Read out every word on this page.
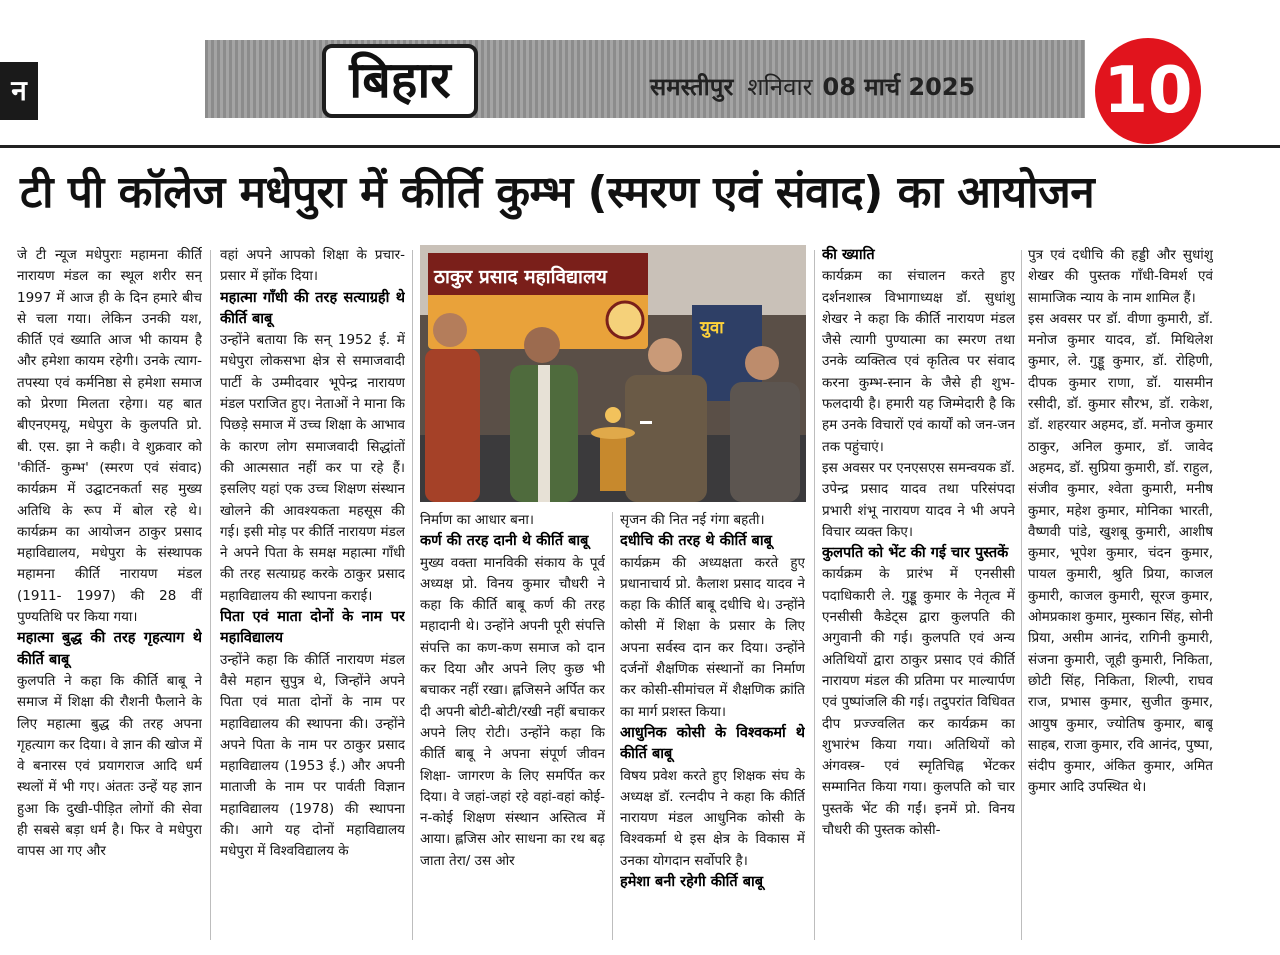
न	बिहार	समस्तीपुर शनिवार 08 मार्च 2025 10
टी पी कॉलेज मधेपुरा में कीर्ति कुम्भ (स्मरण एवं संवाद) का आयोजन
ठाकुर प्रसाद महाविद्यालय
युवा

जे टी न्यूज मधेपुराः महामना कीर्ति नारायण मंडल का स्थूल शरीर सन् 1997 में आज ही के दिन हमारे बीच से चला गया। लेकिन उनकी यश, कीर्ति एवं ख्याति आज भी कायम है और हमेशा कायम रहेगी। उनके त्याग-तपस्या एवं कर्मनिष्ठा से हमेशा समाज को प्रेरणा मिलता रहेगा। यह बात बीएनएमयू, मधेपुरा के कुलपति प्रो. बी. एस. झा ने कही। वे शुक्रवार को 'कीर्ति- कुम्भ' (स्मरण एवं संवाद) कार्यक्रम में उद्घाटनकर्ता सह मुख्य अतिथि के रूप में बोल रहे थे। कार्यक्रम का आयोजन ठाकुर प्रसाद महाविद्यालय, मधेपुरा के संस्थापक महामना कीर्ति नारायण मंडल (1911- 1997) की 28 वीं पुण्यतिथि पर किया गया।

महात्मा बुद्ध की तरह गृहत्याग थे कीर्ति बाबू

कुलपति ने कहा कि कीर्ति बाबू ने समाज में शिक्षा की रौशनी फैलाने के लिए महात्मा बुद्ध की तरह अपना गृहत्याग कर दिया। वे ज्ञान की खोज में वे बनारस एवं प्रयागराज आदि धर्म स्थलों में भी गए। अंततः उन्हें यह ज्ञान हुआ कि दुखी-पीड़ित लोगों की सेवा ही सबसे बड़ा धर्म है। फिर वे मधेपुरा वापस आ गए और

वहां अपने आपको शिक्षा के प्रचार-प्रसार में झोंक दिया।

महात्मा गाँधी की तरह सत्याग्रही थे कीर्ति बाबू

उन्होंने बताया कि सन् 1952 ई. में मधेपुरा लोकसभा क्षेत्र से समाजवादी पार्टी के उम्मीदवार भूपेन्द्र नारायण मंडल पराजित हुए। नेताओं ने माना कि पिछड़े समाज में उच्च शिक्षा के आभाव के कारण लोग समाजवादी सिद्धांतों की आत्मसात नहीं कर पा रहे हैं। इसलिए यहां एक उच्च शिक्षण संस्थान खोलने की आवश्यकता महसूस की गई। इसी मोड़ पर कीर्ति नारायण मंडल ने अपने पिता के समक्ष महात्मा गाँधी की तरह सत्याग्रह करके ठाकुर प्रसाद महाविद्यालय की स्थापना कराई।

पिता एवं माता दोनों के नाम पर महाविद्यालय

उन्होंने कहा कि कीर्ति नारायण मंडल वैसे महान सुपुत्र थे, जिन्होंने अपने पिता एवं माता दोनों के नाम पर महाविद्यालय की स्थापना की। उन्होंने अपने पिता के नाम पर ठाकुर प्रसाद महाविद्यालय (1953 ई.) और अपनी माताजी के नाम पर पार्वती विज्ञान महाविद्यालय (1978) की स्थापना की। आगे यह दोनों महाविद्यालय मधेपुरा में विश्वविद्यालय के

निर्माण का आधार बना।

कर्ण की तरह दानी थे कीर्ति बाबू

मुख्य वक्ता मानविकी संकाय के पूर्व अध्यक्ष प्रो. विनय कुमार चौधरी ने कहा कि कीर्ति बाबू कर्ण की तरह महादानी थे। उन्होंने अपनी पूरी संपत्ति संपत्ति का कण-कण समाज को दान कर दिया और अपने लिए कुछ भी बचाकर नहीं रखा। ह्लजिसने अर्पित कर दी अपनी बोटी-बोटी/रखी नहीं बचाकर अपने लिए रोटी। उन्होंने कहा कि कीर्ति बाबू ने अपना संपूर्ण जीवन शिक्षा- जागरण के लिए समर्पित कर दिया। वे जहां-जहां रहे वहां-वहां कोई-न-कोई शिक्षण संस्थान अस्तित्व में आया। ह्लजिस ओर साधना का रथ बढ़ जाता तेरा/ उस ओर

सृजन की नित नई गंगा बहती।

दधीचि की तरह थे कीर्ति बाबू

कार्यक्रम की अध्यक्षता करते हुए प्रधानाचार्य प्रो. कैलाश प्रसाद यादव ने कहा कि कीर्ति बाबू दधीचि थे। उन्होंने कोसी में शिक्षा के प्रसार के लिए अपना सर्वस्व दान कर दिया। उन्होंने दर्जनों शैक्षणिक संस्थानों का निर्माण कर कोसी-सीमांचल में शैक्षणिक क्रांति का मार्ग प्रशस्त किया।

आधुनिक कोसी के विश्वकर्मा थे कीर्ति बाबू

विषय प्रवेश करते हुए शिक्षक संघ के अध्यक्ष डॉ. रत्नदीप ने कहा कि कीर्ति नारायण मंडल आधुनिक कोसी के विश्वकर्मा थे इस क्षेत्र के विकास में उनका योगदान सर्वोपरि है।

हमेशा बनी रहेगी कीर्ति बाबू
की ख्याति

कार्यक्रम का संचालन करते हुए दर्शनशास्त्र विभागाध्यक्ष डॉ. सुधांशु शेखर ने कहा कि कीर्ति नारायण मंडल जैसे त्यागी पुण्यात्मा का स्मरण तथा उनके व्यक्तित्व एवं कृतित्व पर संवाद करना कुम्भ-स्नान के जैसे ही शुभ-फलदायी है। हमारी यह जिम्मेदारी है कि हम उनके विचारों एवं कार्यों को जन-जन तक पहुंचाएं।

इस अवसर पर एनएसएस समन्वयक डॉ. उपेन्द्र प्रसाद यादव तथा परिसंपदा प्रभारी शंभू नारायण यादव ने भी अपने विचार व्यक्त किए।

कुलपति को भेंट की गई चार पुस्तकें

कार्यक्रम के प्रारंभ में एनसीसी पदाधिकारी ले. गुड्डू कुमार के नेतृत्व में एनसीसी कैडेट्स द्वारा कुलपति की अगुवानी की गई। कुलपति एवं अन्य अतिथियों द्वारा ठाकुर प्रसाद एवं कीर्ति नारायण मंडल की प्रतिमा पर माल्यार्पण एवं पुष्पांजलि की गई। तदुपरांत विधिवत दीप प्रज्ज्वलित कर कार्यक्रम का शुभारंभ किया गया। अतिथियों को अंगवस्त्र- एवं स्मृतिचिह्न भेंटकर सम्मानित किया गया। कुलपति को चार पुस्तकें भेंट की गईं। इनमें प्रो. विनय चौधरी की पुस्तक कोसी-

पुत्र एवं दधीचि की हड्डी और सुधांशु शेखर की पुस्तक गाँधी-विमर्श एवं सामाजिक न्याय के नाम शामिल हैं।

इस अवसर पर डॉ. वीणा कुमारी, डॉ. मनोज कुमार यादव, डॉ. मिथिलेश कुमार, ले. गुड्डू कुमार, डॉ. रोहिणी, दीपक कुमार राणा, डॉ. यासमीन रसीदी, डॉ. कुमार सौरभ, डॉ. राकेश, डॉ. शहरयार अहमद, डॉ. मनोज कुमार ठाकुर, अनिल कुमार, डॉ. जावेद अहमद, डॉ. सुप्रिया कुमारी, डॉ. राहुल, संजीव कुमार, श्वेता कुमारी, मनीष कुमार, महेश कुमार, मोनिका भारती, वैष्णवी पांडे, खुशबू कुमारी, आशीष कुमार, भूपेश कुमार, चंदन कुमार, पायल कुमारी, श्रुति प्रिया, काजल कुमारी, काजल कुमारी, सूरज कुमार, ओमप्रकाश कुमार, मुस्कान सिंह, सोनी प्रिया, असीम आनंद, रागिनी कुमारी, संजना कुमारी, जूही कुमारी, निकिता, छोटी सिंह, निकिता, शिल्पी, राघव राज, प्रभास कुमार, सुजीत कुमार, आयुष कुमार, ज्योतिष कुमार, बाबू साहब, राजा कुमार, रवि आनंद, पुष्पा, संदीप कुमार, अंकित कुमार, अमित कुमार आदि उपस्थित थे।
